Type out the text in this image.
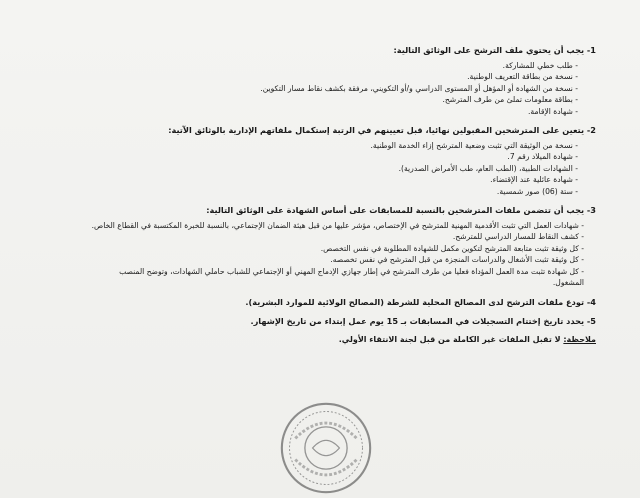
1- يجب أن يحتوي ملف الترشح على الوثائق التالية:
- طلب خطي للمشاركة.
- نسخة من بطاقة التعريف الوطنية.
- نسخة من الشهادة أو المؤهل أو المستوى الدراسي و/أو التكويني، مرفقة بكشف نقاط مسار التكوين.
- بطاقة معلومات تملئ من طرف المترشح.
- شهادة الإقامة.
2- يتعين على المترشحين المقبولين نهائيا، قبل تعيينهم في الرتبة إستكمال ملفاتهم الإدارية بالوثائق الآتية:
- نسخة من الوثيقة التي تثبت وضعية المترشح إزاء الخدمة الوطنية.
- شهادة الميلاد رقم 7.
- الشهادات الطبية، (الطب العام، طب الأمراض الصدرية).
- شهادة عائلية عند الإقتضاء.
- ستة (06) صور شمسية.
3- يجب أن تتضمن ملفات المترشحين بالنسبة للمسابقات على أساس الشهادة على الوثائق التالية:
- شهادات العمل التي تثبت الأقدمية المهنية للمترشح في الإختصاص، مؤشر عليها من قبل هيئة الضمان الإجتماعي، بالنسبة للخبرة المكتسبة في القطاع الخاص.
- كشف النقاط للمسار الدراسي للمترشح.
- كل وثيقة تثبت متابعة المترشح لتكوين مكمل للشهادة المطلوبة في نفس التخصص.
- كل وثيقة تثبت الأشغال والدراسات المنجزة من قبل المترشح في نفس تخصصه.
- كل شهادة تثبت مدة العمل المؤداة فعليا من طرف المترشح في إطار جهازي الإدماج المهني أو الإجتماعي للشباب حاملي الشهادات، وتوضح المنصب المشغول.
4- تودع ملفات الترشح لدى المصالح المحلية للشرطة (المصالح الولائية للموارد البشرية).
5- يحدد تاريخ إختتام التسجيلات في المسابقات بـ 15 يوم عمل إبتداء من تاريخ الإشهار.
ملاحظة: لا تقبل الملفات غير الكاملة من قبل لجنة الانتقاء الأولي.
